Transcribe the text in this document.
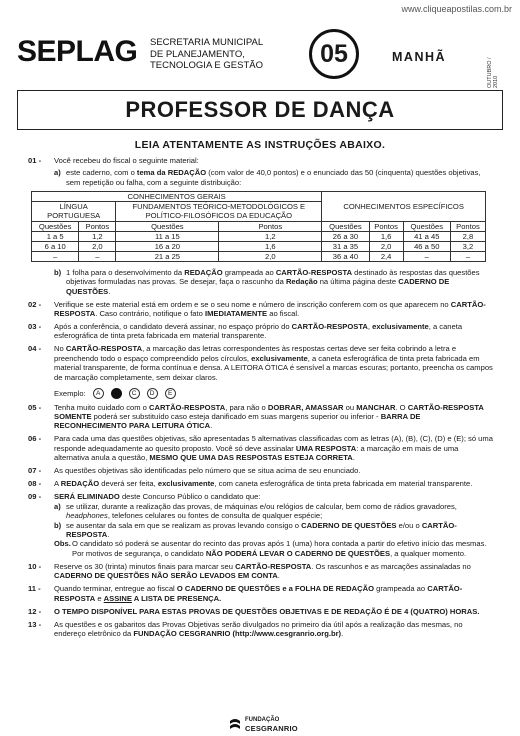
www.cliqueapostilas.com.br
SEPLAG SECRETARIA MUNICIPAL
DE PLANEJAMENTO,
TECNOLOGIA E GESTÃO	05	MANHÃ
OUTUBRO / 2010
PROFESSOR DE DANÇA
LEIA ATENTAMENTE AS INSTRUÇÕES ABAIXO.
01 - Você recebeu do fiscal o seguinte material:
a) este caderno, com o tema da REDAÇÃO (com valor de 40,0 pontos) e o enunciado das 50 (cinquenta) questões objetivas, sem repetição ou falha, com a seguinte distribuição:
CONHECIMENTOS GERAIS				CONHECIMENTOS ESPECÍFICOS			
LÍNGUA PORTUGUESA		FUNDAMENTOS TEÓRICO-METODOLÓGICOS E POLÍTICO-FILOSÓFICOS DA EDUCAÇÃO					
Questões	Pontos	Questões	Pontos	Questões	Pontos	Questões	Pontos
1 a 5	1,2	11 a 15	1,2	26 a 30	1,6	41 a 45	2,8
6 a 10	2,0	16 a 20	1,6	31 a 35	2,0	46 a 50	3,2
–	–	21 a 25	2,0	36 a 40	2,4	–	–
b) 1 folha para o desenvolvimento da REDAÇÃO grampeada ao CARTÃO-RESPOSTA destinado às respostas das questões objetivas formuladas nas provas. Se desejar, faça o rascunho da Redação na última página deste CADERNO DE QUESTÕES.
02 - Verifique se este material está em ordem e se o seu nome e número de inscrição conferem com os que aparecem no CARTÃO-RESPOSTA. Caso contrário, notifique o fato IMEDIATAMENTE ao fiscal.
03 - Após a conferência, o candidato deverá assinar, no espaço próprio do CARTÃO-RESPOSTA, exclusivamente, a caneta esferográfica de tinta preta fabricada em material transparente.
04 - No CARTÃO-RESPOSTA, a marcação das letras correspondentes às respostas certas deve ser feita cobrindo a letra e preenchendo todo o espaço compreendido pelos círculos, exclusivamente, a caneta esferográfica de tinta preta fabricada em material transparente, de forma contínua e densa. A LEITORA ÓTICA é sensível a marcas escuras; portanto, preencha os campos de marcação completamente, sem deixar claros.
Exemplo:	A	C	D	E
05 - Tenha muito cuidado com o CARTÃO-RESPOSTA, para não o DOBRAR, AMASSAR ou MANCHAR. O CARTÃO-RESPOSTA SOMENTE poderá ser substituído caso esteja danificado em suas margens superior ou inferior - BARRA DE RECONHECIMENTO PARA LEITURA ÓTICA.
06 - Para cada uma das questões objetivas, são apresentadas 5 alternativas classificadas com as letras (A), (B), (C), (D) e (E); só uma responde adequadamente ao quesito proposto. Você só deve assinalar UMA RESPOSTA: a marcação em mais de uma alternativa anula a questão, MESMO QUE UMA DAS RESPOSTAS ESTEJA CORRETA.
07 - As questões objetivas são identificadas pelo número que se situa acima de seu enunciado.
08 - A REDAÇÃO deverá ser feita, exclusivamente, com caneta esferográfica de tinta preta fabricada em material transparente.
09 - SERÁ ELIMINADO deste Concurso Público o candidato que:
a) se utilizar, durante a realização das provas, de máquinas e/ou relógios de calcular, bem como de rádios gravadores, headphones, telefones celulares ou fontes de consulta de qualquer espécie;
b) se ausentar da sala em que se realizam as provas levando consigo o CADERNO DE QUESTÕES e/ou o CARTÃO-RESPOSTA.
Obs. O candidato só poderá se ausentar do recinto das provas após 1 (uma) hora contada a partir do efetivo início das mesmas. Por motivos de segurança, o candidato NÃO PODERÁ LEVAR O CADERNO DE QUESTÕES, a qualquer momento.
10 - Reserve os 30 (trinta) minutos finais para marcar seu CARTÃO-RESPOSTA. Os rascunhos e as marcações assinaladas no CADERNO DE QUESTÕES NÃO SERÃO LEVADOS EM CONTA.
11 - Quando terminar, entregue ao fiscal O CADERNO DE QUESTÕES e a FOLHA DE REDAÇÃO grampeada ao CARTÃO-RESPOSTA e ASSINE A LISTA DE PRESENÇA.
12 - O TEMPO DISPONÍVEL PARA ESTAS PROVAS DE QUESTÕES OBJETIVAS E DE REDAÇÃO É DE 4 (QUATRO) HORAS.
13 - As questões e os gabaritos das Provas Objetivas serão divulgados no primeiro dia útil após a realização das mesmas, no endereço eletrônico da FUNDAÇÃO CESGRANRIO (http://www.cesgranrio.org.br).
FUNDAÇÃO
CESGRANRIO
